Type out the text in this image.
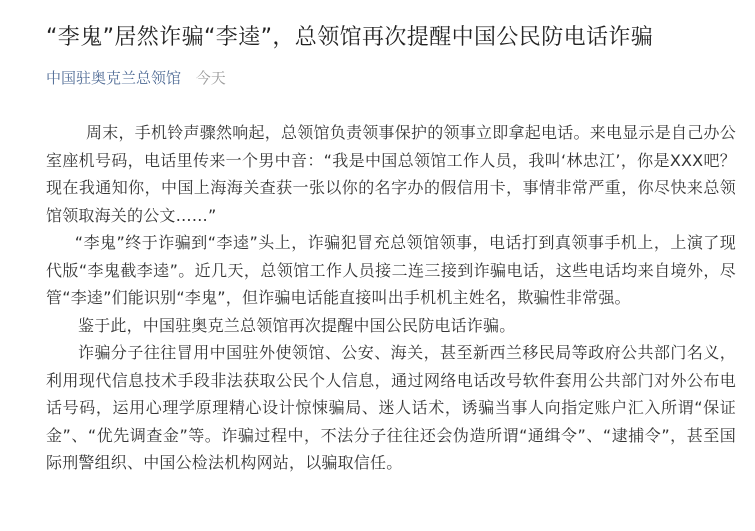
“李鬼”居然诈骗“李逵”，总领馆再次提醒中国公民防电话诈骗
中国驻奥克兰总领馆 今天

周末，手机铃声骤然响起，总领馆负责领事保护的领事立即拿起电话。来电显示是自己办公室座机号码，电话里传来一个男中音：“我是中国总领馆工作人员，我叫‘林忠江’，你是XXX吧？现在我通知你，中国上海海关查获一张以你的名字办的假信用卡，事情非常严重，你尽快来总领馆领取海关的公文……”

“李鬼”终于诈骗到“李逵”头上，诈骗犯冒充总领馆领事，电话打到真领事手机上，上演了现代版“李鬼截李逵”。近几天，总领馆工作人员接二连三接到诈骗电话，这些电话均来自境外，尽管“李逵”们能识别“李鬼”，但诈骗电话能直接叫出手机机主姓名，欺骗性非常强。

鉴于此，中国驻奥克兰总领馆再次提醒中国公民防电话诈骗。

诈骗分子往往冒用中国驻外使领馆、公安、海关，甚至新西兰移民局等政府公共部门名义，利用现代信息技术手段非法获取公民个人信息，通过网络电话改号软件套用公共部门对外公布电话号码，运用心理学原理精心设计惊悚骗局、迷人话术，诱骗当事人向指定账户汇入所谓“保证金”、“优先调查金”等。诈骗过程中，不法分子往往还会伪造所谓“通缉令”、“逮捕令”，甚至国际刑警组织、中国公检法机构网站，以骗取信任。
